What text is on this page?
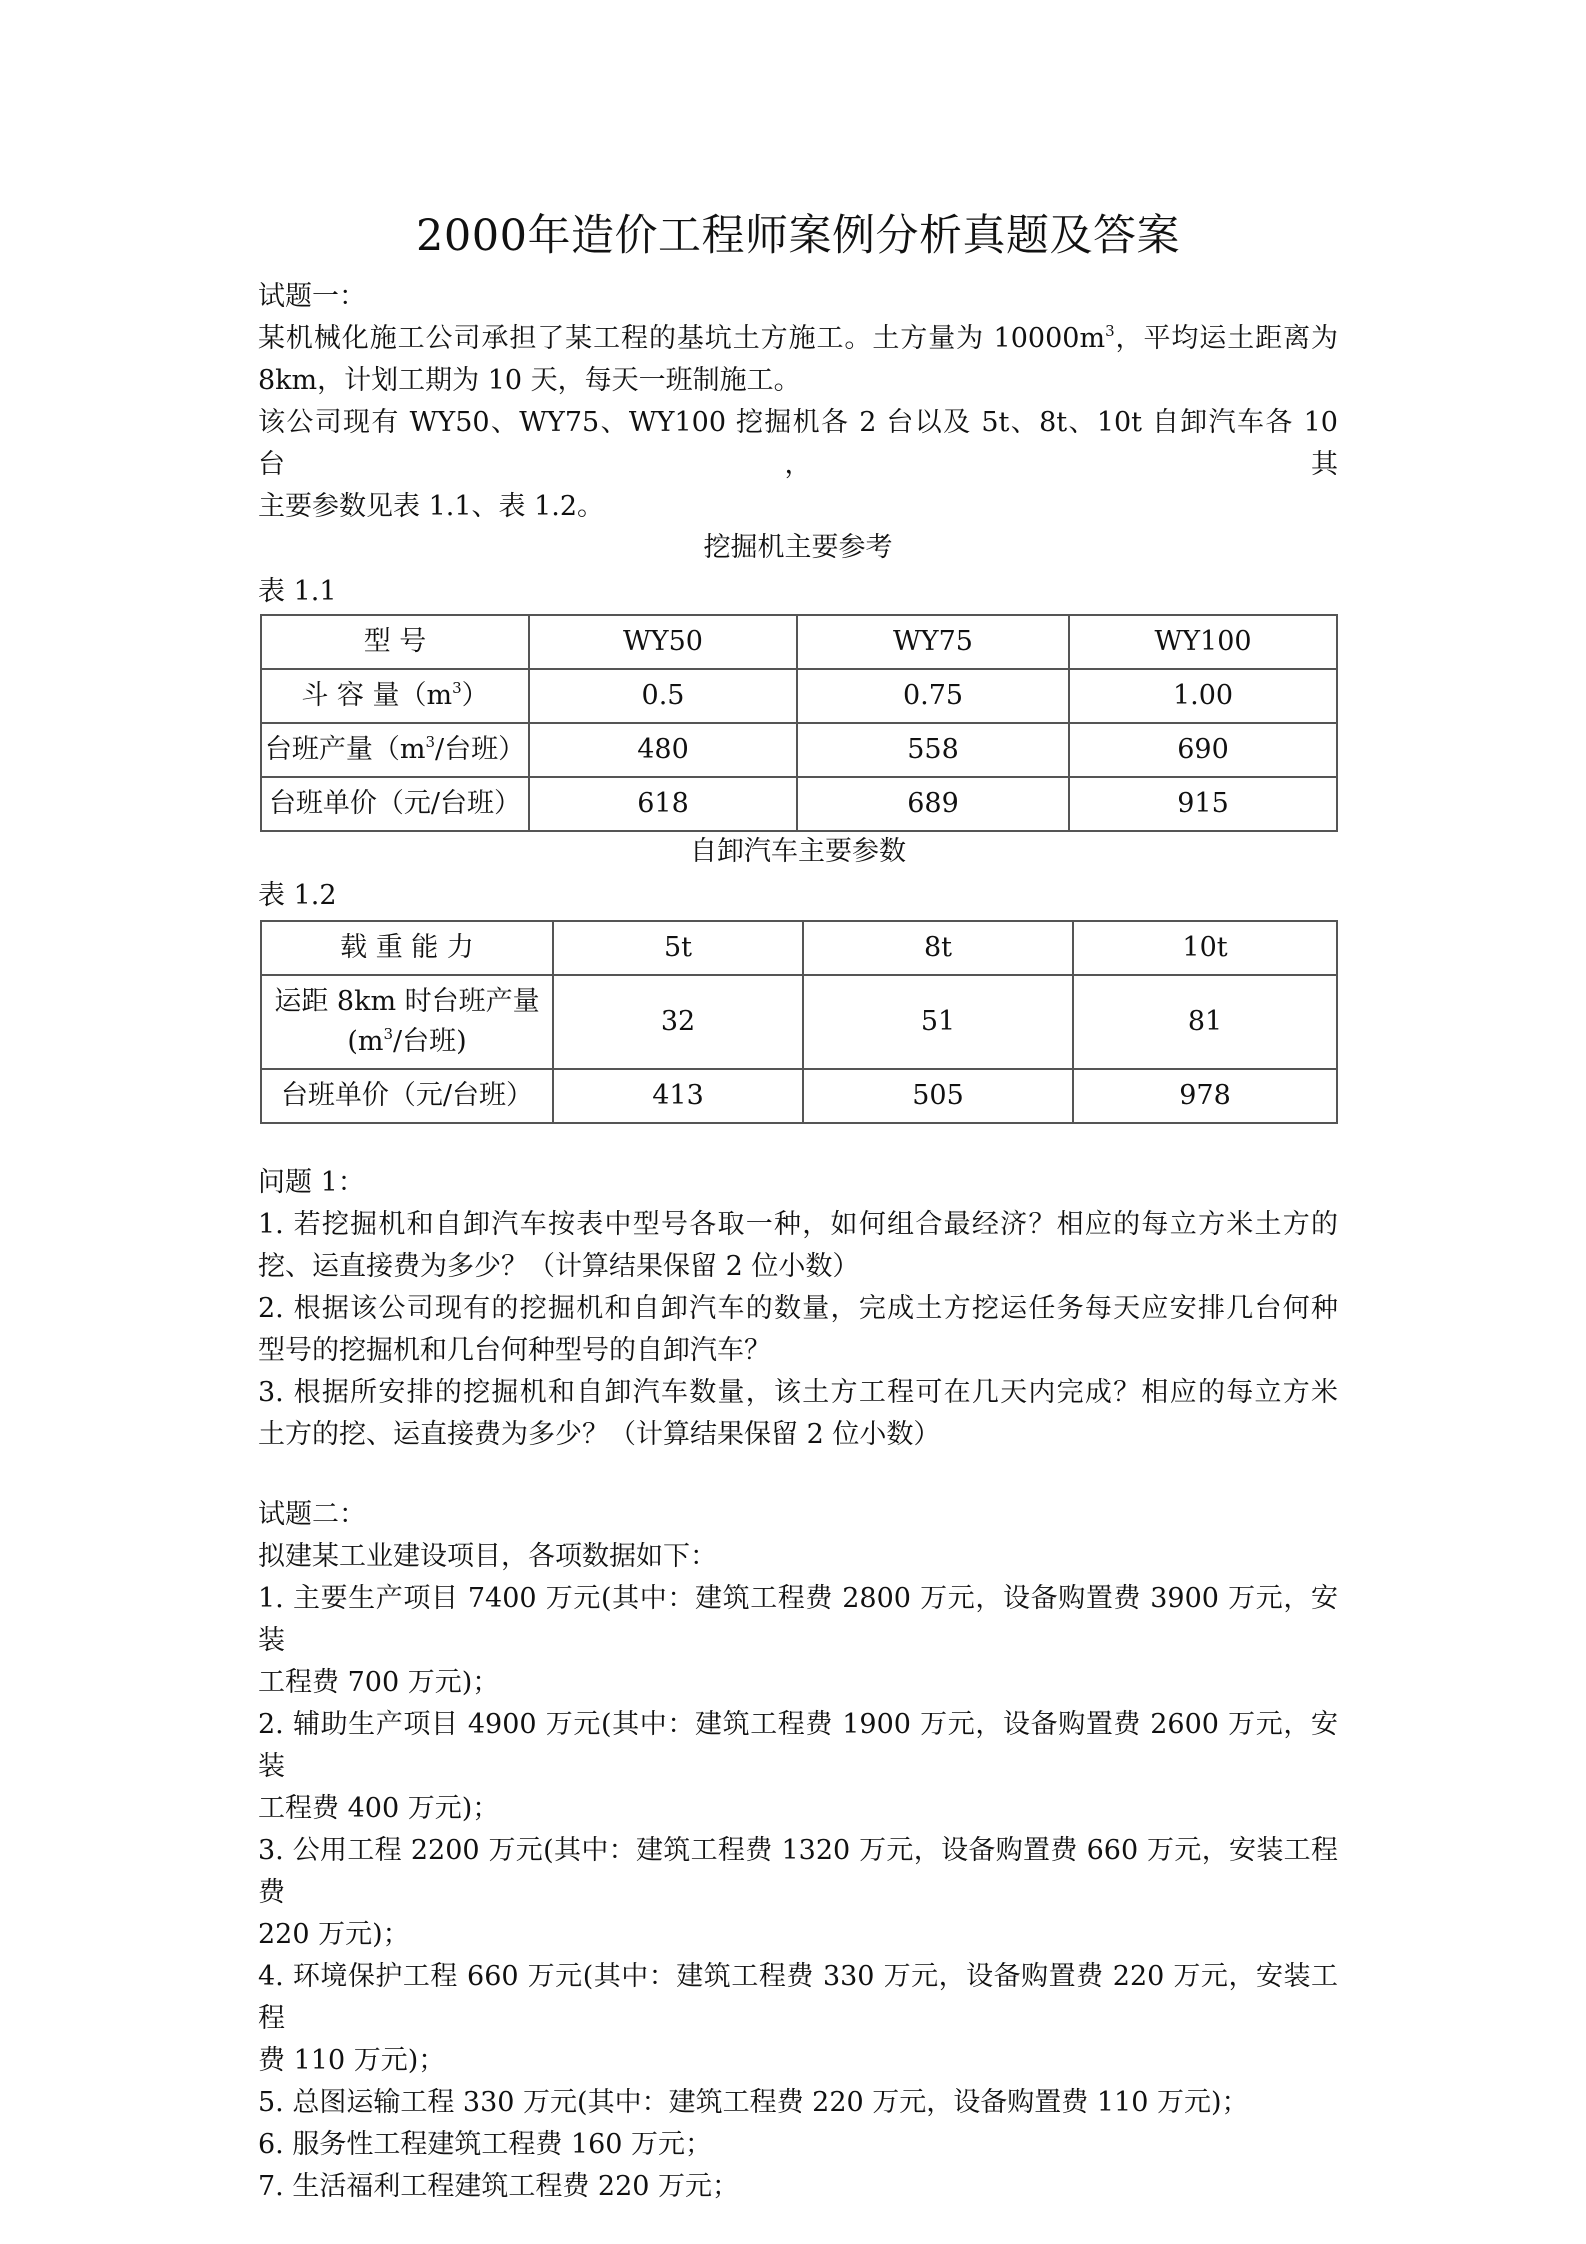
2000年造价工程师案例分析真题及答案
试题一：
某机械化施工公司承担了某工程的基坑土方施工。土方量为 $10000m^3$，平均运土距离为
8km，计划工期为 10 天，每天一班制施工。
该公司现有 WY50、WY75、WY100 挖掘机各 2 台以及 5t、8t、10t 自卸汽车各 10 台，其
主要参数见表 1.1、表 1.2。
挖掘机主要参考
表 1.1
型 号	WY50	WY75	WY100
斗 容 量$(m^3)$	0.5	0.75	1.00
台班产量（$m^3/$台班）	480	558	690
台班单价（元/台班）	618	689	915
自卸汽车主要参数
表 1.2
载 重 能 力	5t	8t	10t
运距 8km 时台班产量
($m^3/$台班)	32	51	81
台班单价（元/台班）	413	505	978
问题 1：
1. 若挖掘机和自卸汽车按表中型号各取一种，如何组合最经济？相应的每立方米土方的
挖、运直接费为多少？（计算结果保留 2 位小数）
2. 根据该公司现有的挖掘机和自卸汽车的数量，完成土方挖运任务每天应安排几台何种
型号的挖掘机和几台何种型号的自卸汽车？
3. 根据所安排的挖掘机和自卸汽车数量，该土方工程可在几天内完成？相应的每立方米
土方的挖、运直接费为多少？（计算结果保留 2 位小数）
试题二：
拟建某工业建设项目，各项数据如下：
1. 主要生产项目 7400 万元(其中：建筑工程费 2800 万元，设备购置费 3900 万元，安装
工程费 700 万元)；
2. 辅助生产项目 4900 万元(其中：建筑工程费 1900 万元，设备购置费 2600 万元，安装
工程费 400 万元)；
3. 公用工程 2200 万元(其中：建筑工程费 1320 万元，设备购置费 660 万元，安装工程费
220 万元)；
4. 环境保护工程 660 万元(其中：建筑工程费 330 万元，设备购置费 220 万元，安装工程
费 110 万元)；
5. 总图运输工程 330 万元(其中：建筑工程费 220 万元，设备购置费 110 万元)；
6. 服务性工程建筑工程费 160 万元；
7. 生活福利工程建筑工程费 220 万元；
